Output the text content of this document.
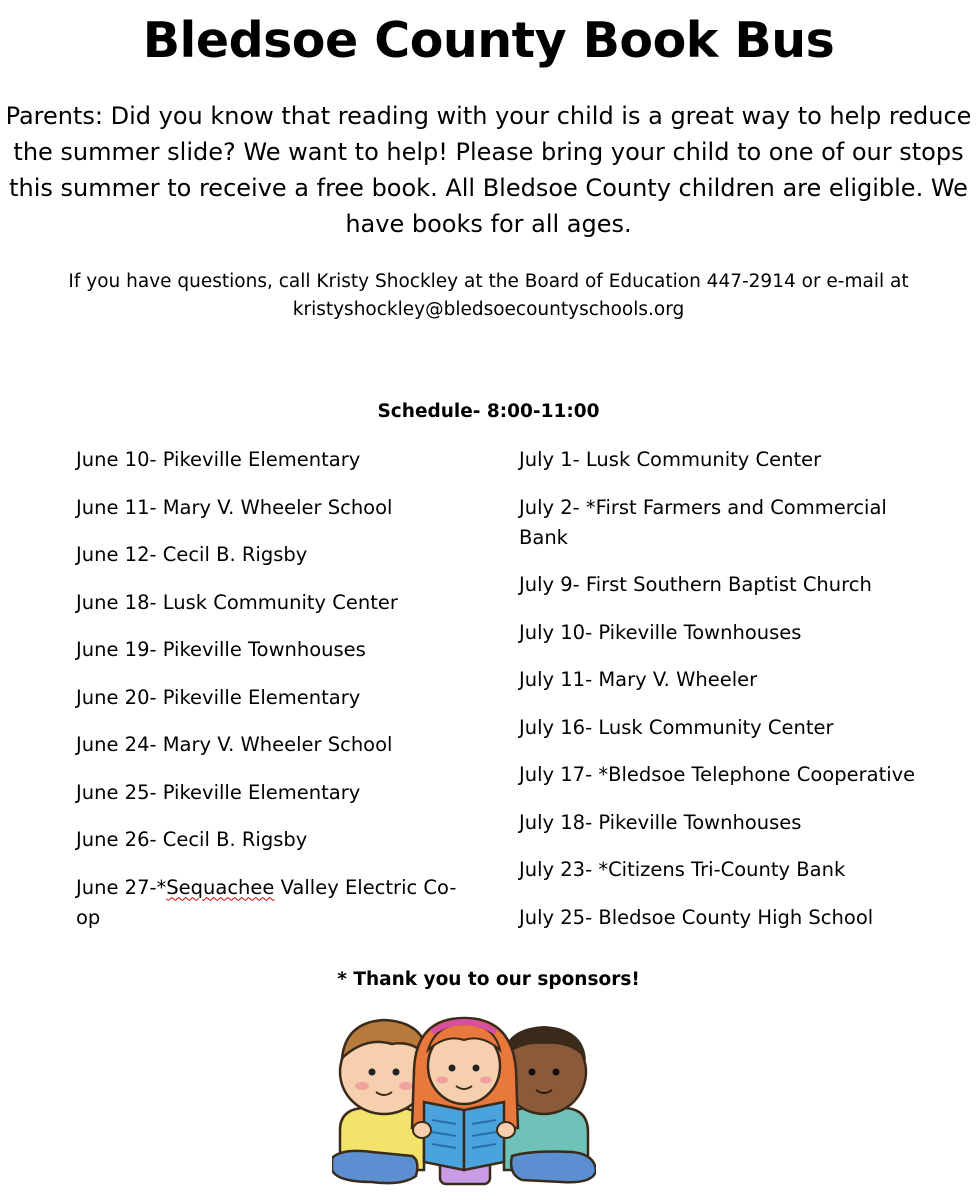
Bledsoe County Book Bus
Parents: Did you know that reading with your child is a great way to help reduce the summer slide? We want to help! Please bring your child to one of our stops this summer to receive a free book. All Bledsoe County children are eligible. We have books for all ages.
If you have questions, call Kristy Shockley at the Board of Education 447-2914 or e-mail at
kristyshockley@bledsoecountyschools.org
Schedule- 8:00-11:00
June 10- Pikeville Elementary
June 11- Mary V. Wheeler School
June 12- Cecil B. Rigsby
June 18- Lusk Community Center
June 19- Pikeville Townhouses
June 20- Pikeville Elementary
June 24- Mary V. Wheeler School
June 25- Pikeville Elementary
June 26- Cecil B. Rigsby
June 27-*Sequachee Valley Electric Co-op
July 1- Lusk Community Center
July 2- *First Farmers and Commercial Bank
July 9- First Southern Baptist Church
July 10- Pikeville Townhouses
July 11- Mary V. Wheeler
July 16- Lusk Community Center
July 17- *Bledsoe Telephone Cooperative
July 18- Pikeville Townhouses
July 23- *Citizens Tri-County Bank
July 25- Bledsoe County High School
* Thank you to our sponsors!
